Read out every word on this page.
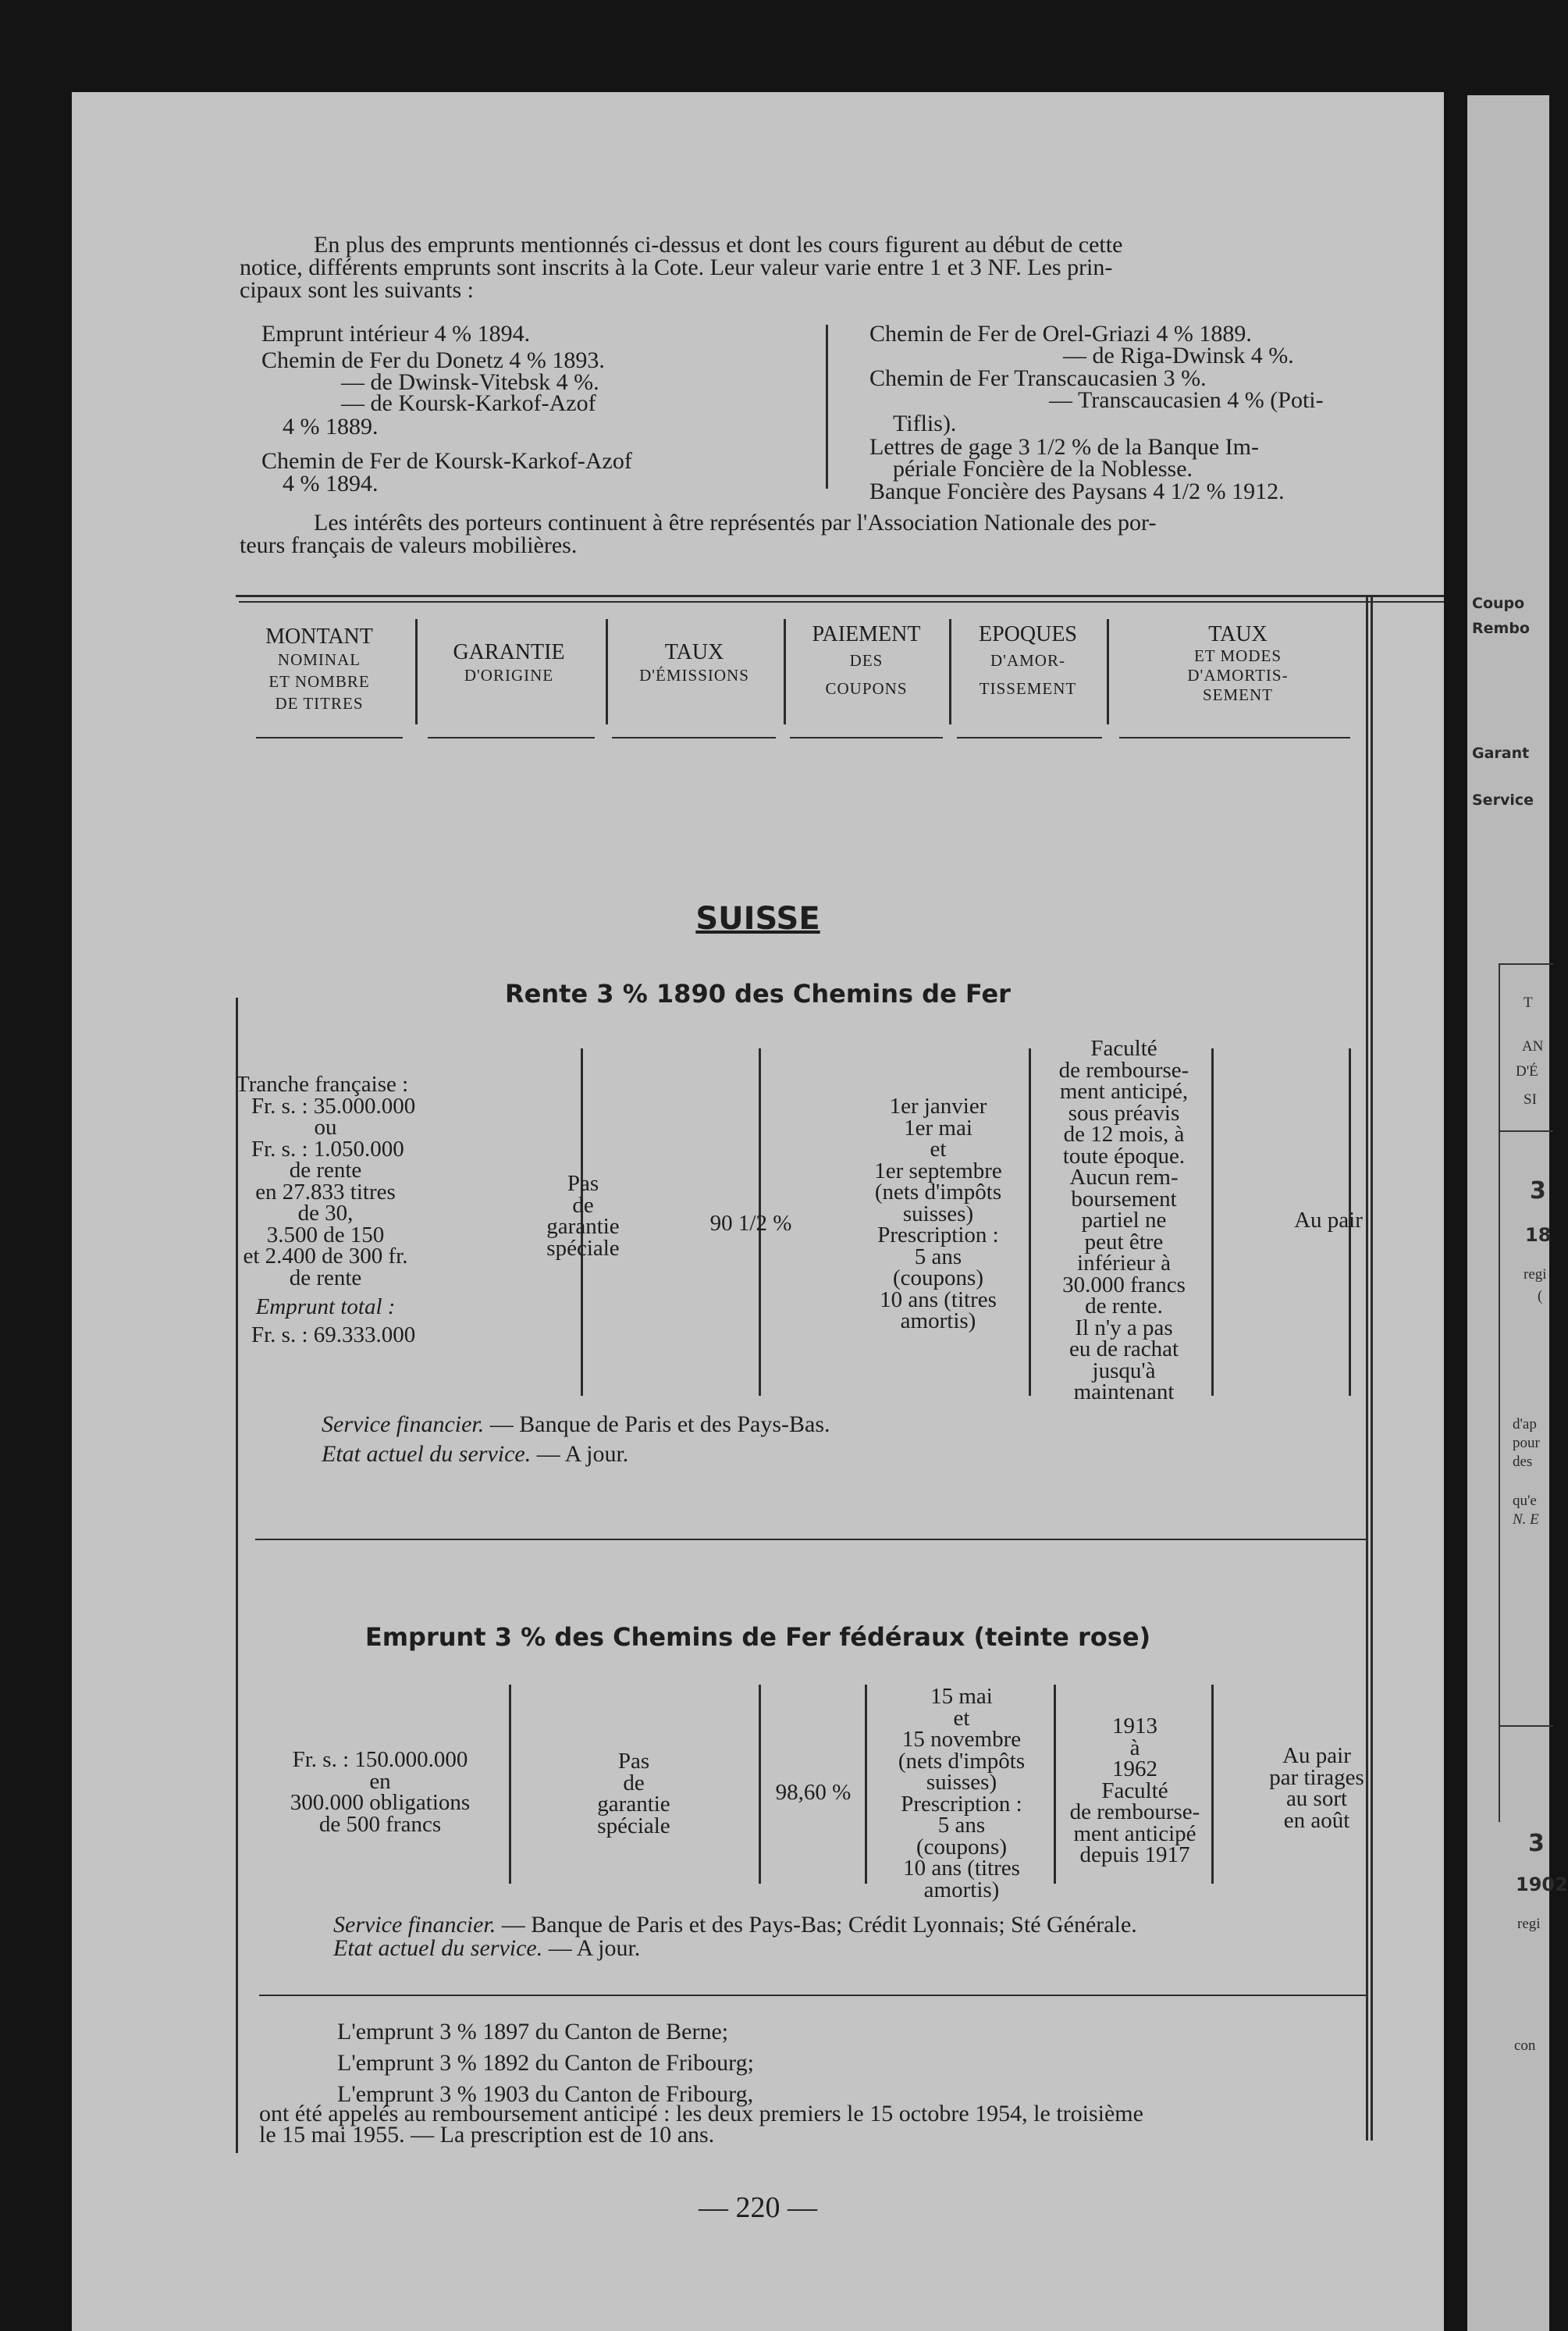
En plus des emprunts mentionnés ci-dessus et dont les cours figurent au début de cette
notice, différents emprunts sont inscrits à la Cote. Leur valeur varie entre 1 et 3 NF. Les prin-
cipaux sont les suivants :
Emprunt intérieur 4 % 1894.
Chemin de Fer du Donetz 4 % 1893.
— de Dwinsk-Vitebsk 4 %.
— de Koursk-Karkof-Azof
4 % 1889.
Chemin de Fer de Koursk-Karkof-Azof
4 % 1894.
Chemin de Fer de Orel-Griazi 4 % 1889.
— de Riga-Dwinsk 4 %.
Chemin de Fer Transcaucasien 3 %.
— Transcaucasien 4 % (Poti-
Tiflis).
Lettres de gage 3 1/2 % de la Banque Im-
périale Foncière de la Noblesse.
Banque Foncière des Paysans 4 1/2 % 1912.
Les intérêts des porteurs continuent à être représentés par l'Association Nationale des por-
teurs français de valeurs mobilières.
MONTANT
NOMINAL
ET NOMBRE
DE TITRES
GARANTIE
D'ORIGINE
TAUX
D'ÉMISSIONS
PAIEMENT
DES
COUPONS
EPOQUES
D'AMOR-
TISSEMENT
TAUX
ET MODES
D'AMORTIS-
SEMENT
SUISSE
Rente 3 % 1890 des Chemins de Fer
Tranche française :
Fr. s. : 35.000.000
ou
Fr. s. : 1.050.000
de rente
en 27.833 titres
de 30,
3.500 de 150
et 2.400 de 300 fr.
de rente
Emprunt total :
Fr. s. : 69.333.000
Pas
de
garantie
spéciale
90 1/2 %
1er janvier
1er mai
et
1er septembre
(nets d'impôts
suisses)
Prescription :
5 ans
(coupons)
10 ans (titres
amortis)
Faculté
de rembourse-
ment anticipé,
sous préavis
de 12 mois, à
toute époque.
Aucun rem-
boursement
partiel ne
peut être
inférieur à
30.000 francs
de rente.
Il n'y a pas
eu de rachat
jusqu'à
maintenant
Au pair
Service financier. — Banque de Paris et des Pays-Bas.
Etat actuel du service. — A jour.
Emprunt 3 % des Chemins de Fer fédéraux (teinte rose)
Fr. s. : 150.000.000
en
300.000 obligations
de 500 francs
Pas
de
garantie
spéciale
98,60 %
15 mai
et
15 novembre
(nets d'impôts
suisses)
Prescription :
5 ans
(coupons)
10 ans (titres
amortis)
1913
à
1962
Faculté
de rembourse-
ment anticipé
depuis 1917
Au pair
par tirages
au sort
en août
Service financier. — Banque de Paris et des Pays-Bas; Crédit Lyonnais; Sté Générale.
Etat actuel du service. — A jour.
L'emprunt 3 % 1897 du Canton de Berne;
L'emprunt 3 % 1892 du Canton de Fribourg;
L'emprunt 3 % 1903 du Canton de Fribourg,
ont été appelés au remboursement anticipé : les deux premiers le 15 octobre 1954, le troisième
le 15 mai 1955. — La prescription est de 10 ans.
— 220 —
Coupo
Rembo
Garant
Service
T
AN
D'É
SI
3
18
regi
(
d'ap
pour
des
qu'e
N. E
3
1902
regi
con
